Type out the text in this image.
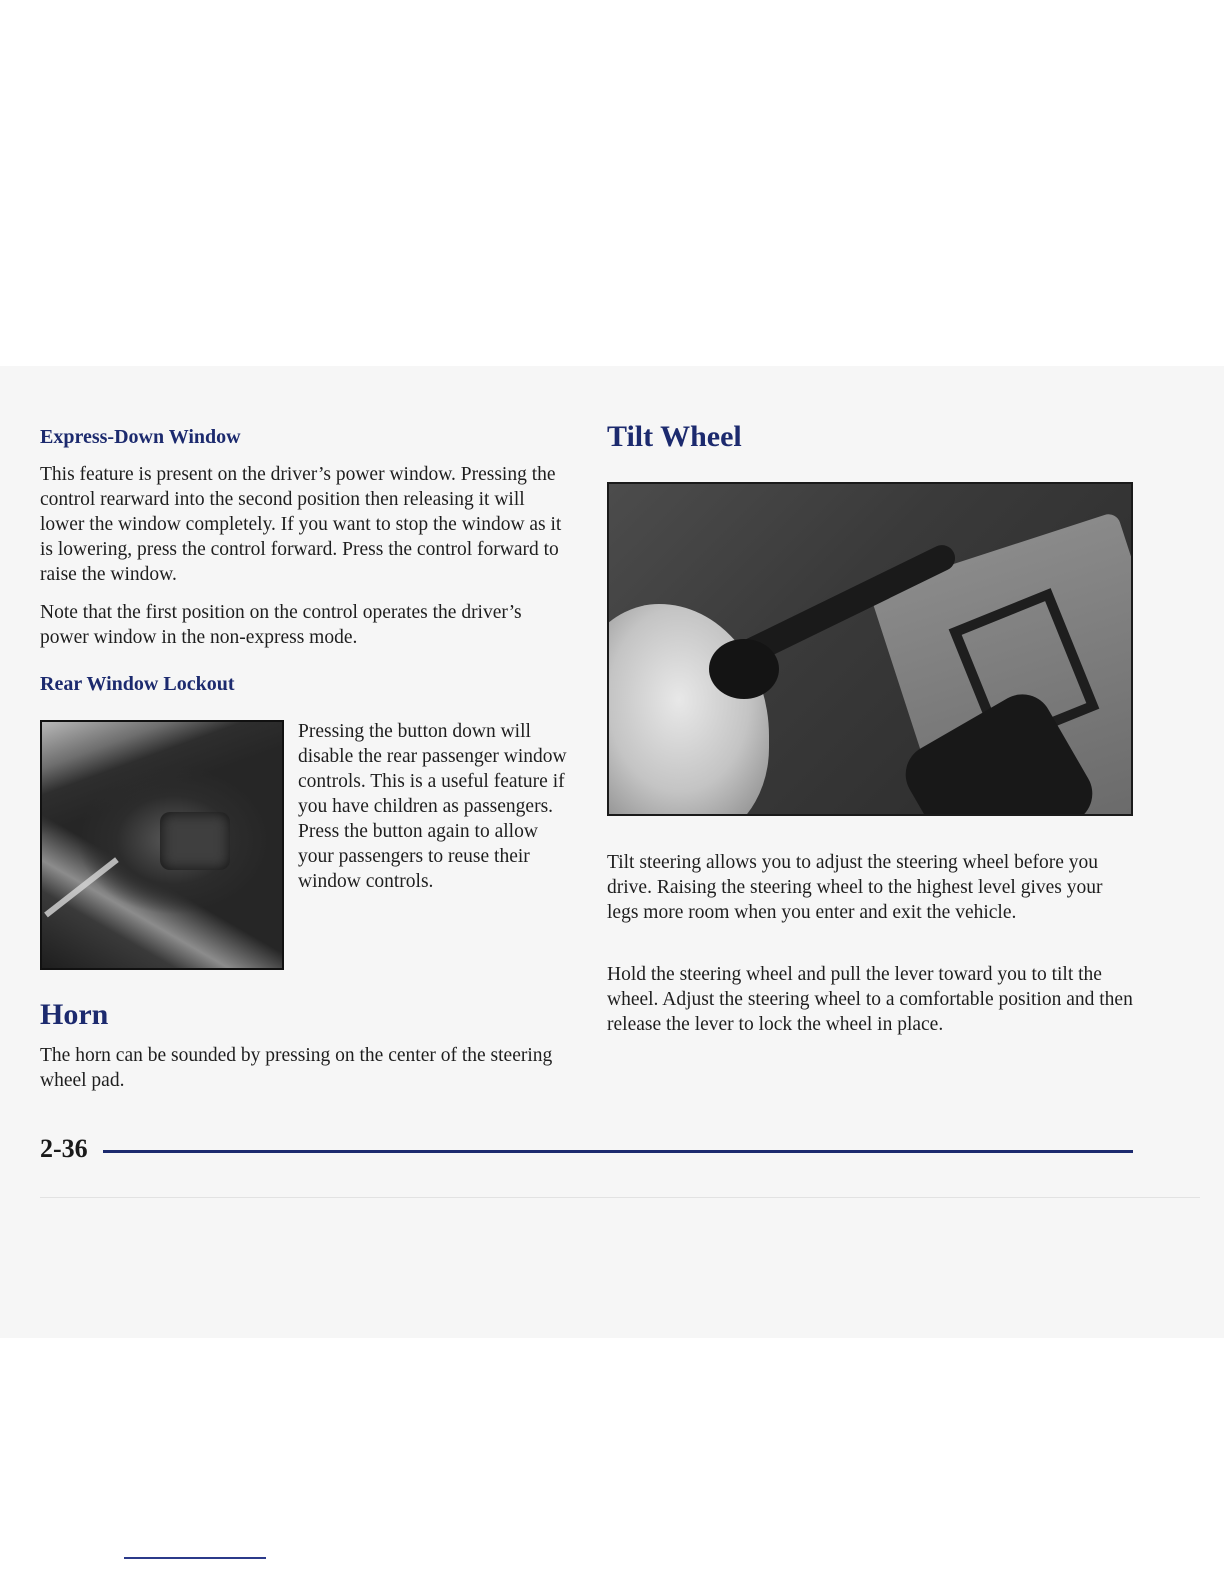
Express-Down Window

This feature is present on the driver’s power window. Pressing the control rearward into the second position then releasing it will lower the window completely. If you want to stop the window as it is lowering, press the control forward. Press the control forward to raise the window.

Note that the first position on the control operates the driver’s power window in the non-express mode.

Rear Window Lockout

Pressing the button down will disable the rear passenger window controls. This is a useful feature if you have children as passengers. Press the button again to allow your passengers to reuse their window controls.

Horn

The horn can be sounded by pressing on the center of the steering wheel pad.

Tilt Wheel

Tilt steering allows you to adjust the steering wheel before you drive. Raising the steering wheel to the highest level gives your legs more room when you enter and exit the vehicle.

Hold the steering wheel and pull the lever toward you to tilt the wheel. Adjust the steering wheel to a comfortable position and then release the lever to lock the wheel in place.

2-36
